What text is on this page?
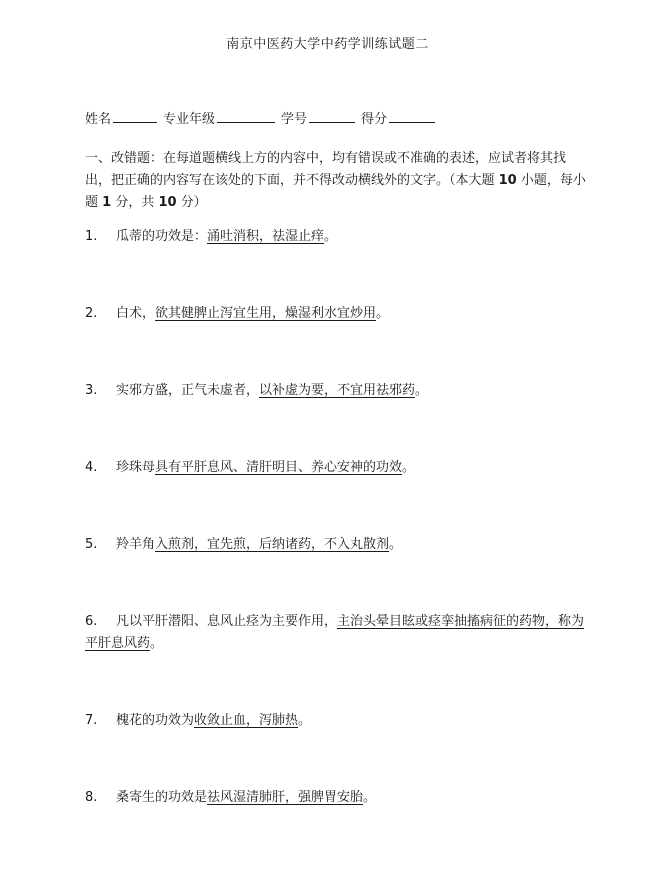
南京中医药大学中药学训练试题二
姓名	专业年级	学号	得分
一、改错题：在每道题横线上方的内容中，均有错误或不准确的表述，应试者将其找出，把正确的内容写在该处的下面，并不得改动横线外的文字。（本大题 10 小题，每小题 1 分，共 10 分）
1. 瓜蒂的功效是：涌吐消积，祛湿止痒。
2. 白术，欲其健脾止泻宜生用，燥湿利水宜炒用。
3. 实邪方盛，正气未虚者，以补虚为要，不宜用祛邪药。
4. 珍珠母具有平肝息风、清肝明目、养心安神的功效。
5. 羚羊角入煎剂，宜先煎，后纳诸药，不入丸散剂。
6. 凡以平肝潜阳、息风止痉为主要作用，主治头晕目眩或痉挛抽搐病征的药物，称为平肝息风药。
7. 槐花的功效为收敛止血，泻肺热。
8. 桑寄生的功效是祛风湿清肺肝，强脾胃安胎。
